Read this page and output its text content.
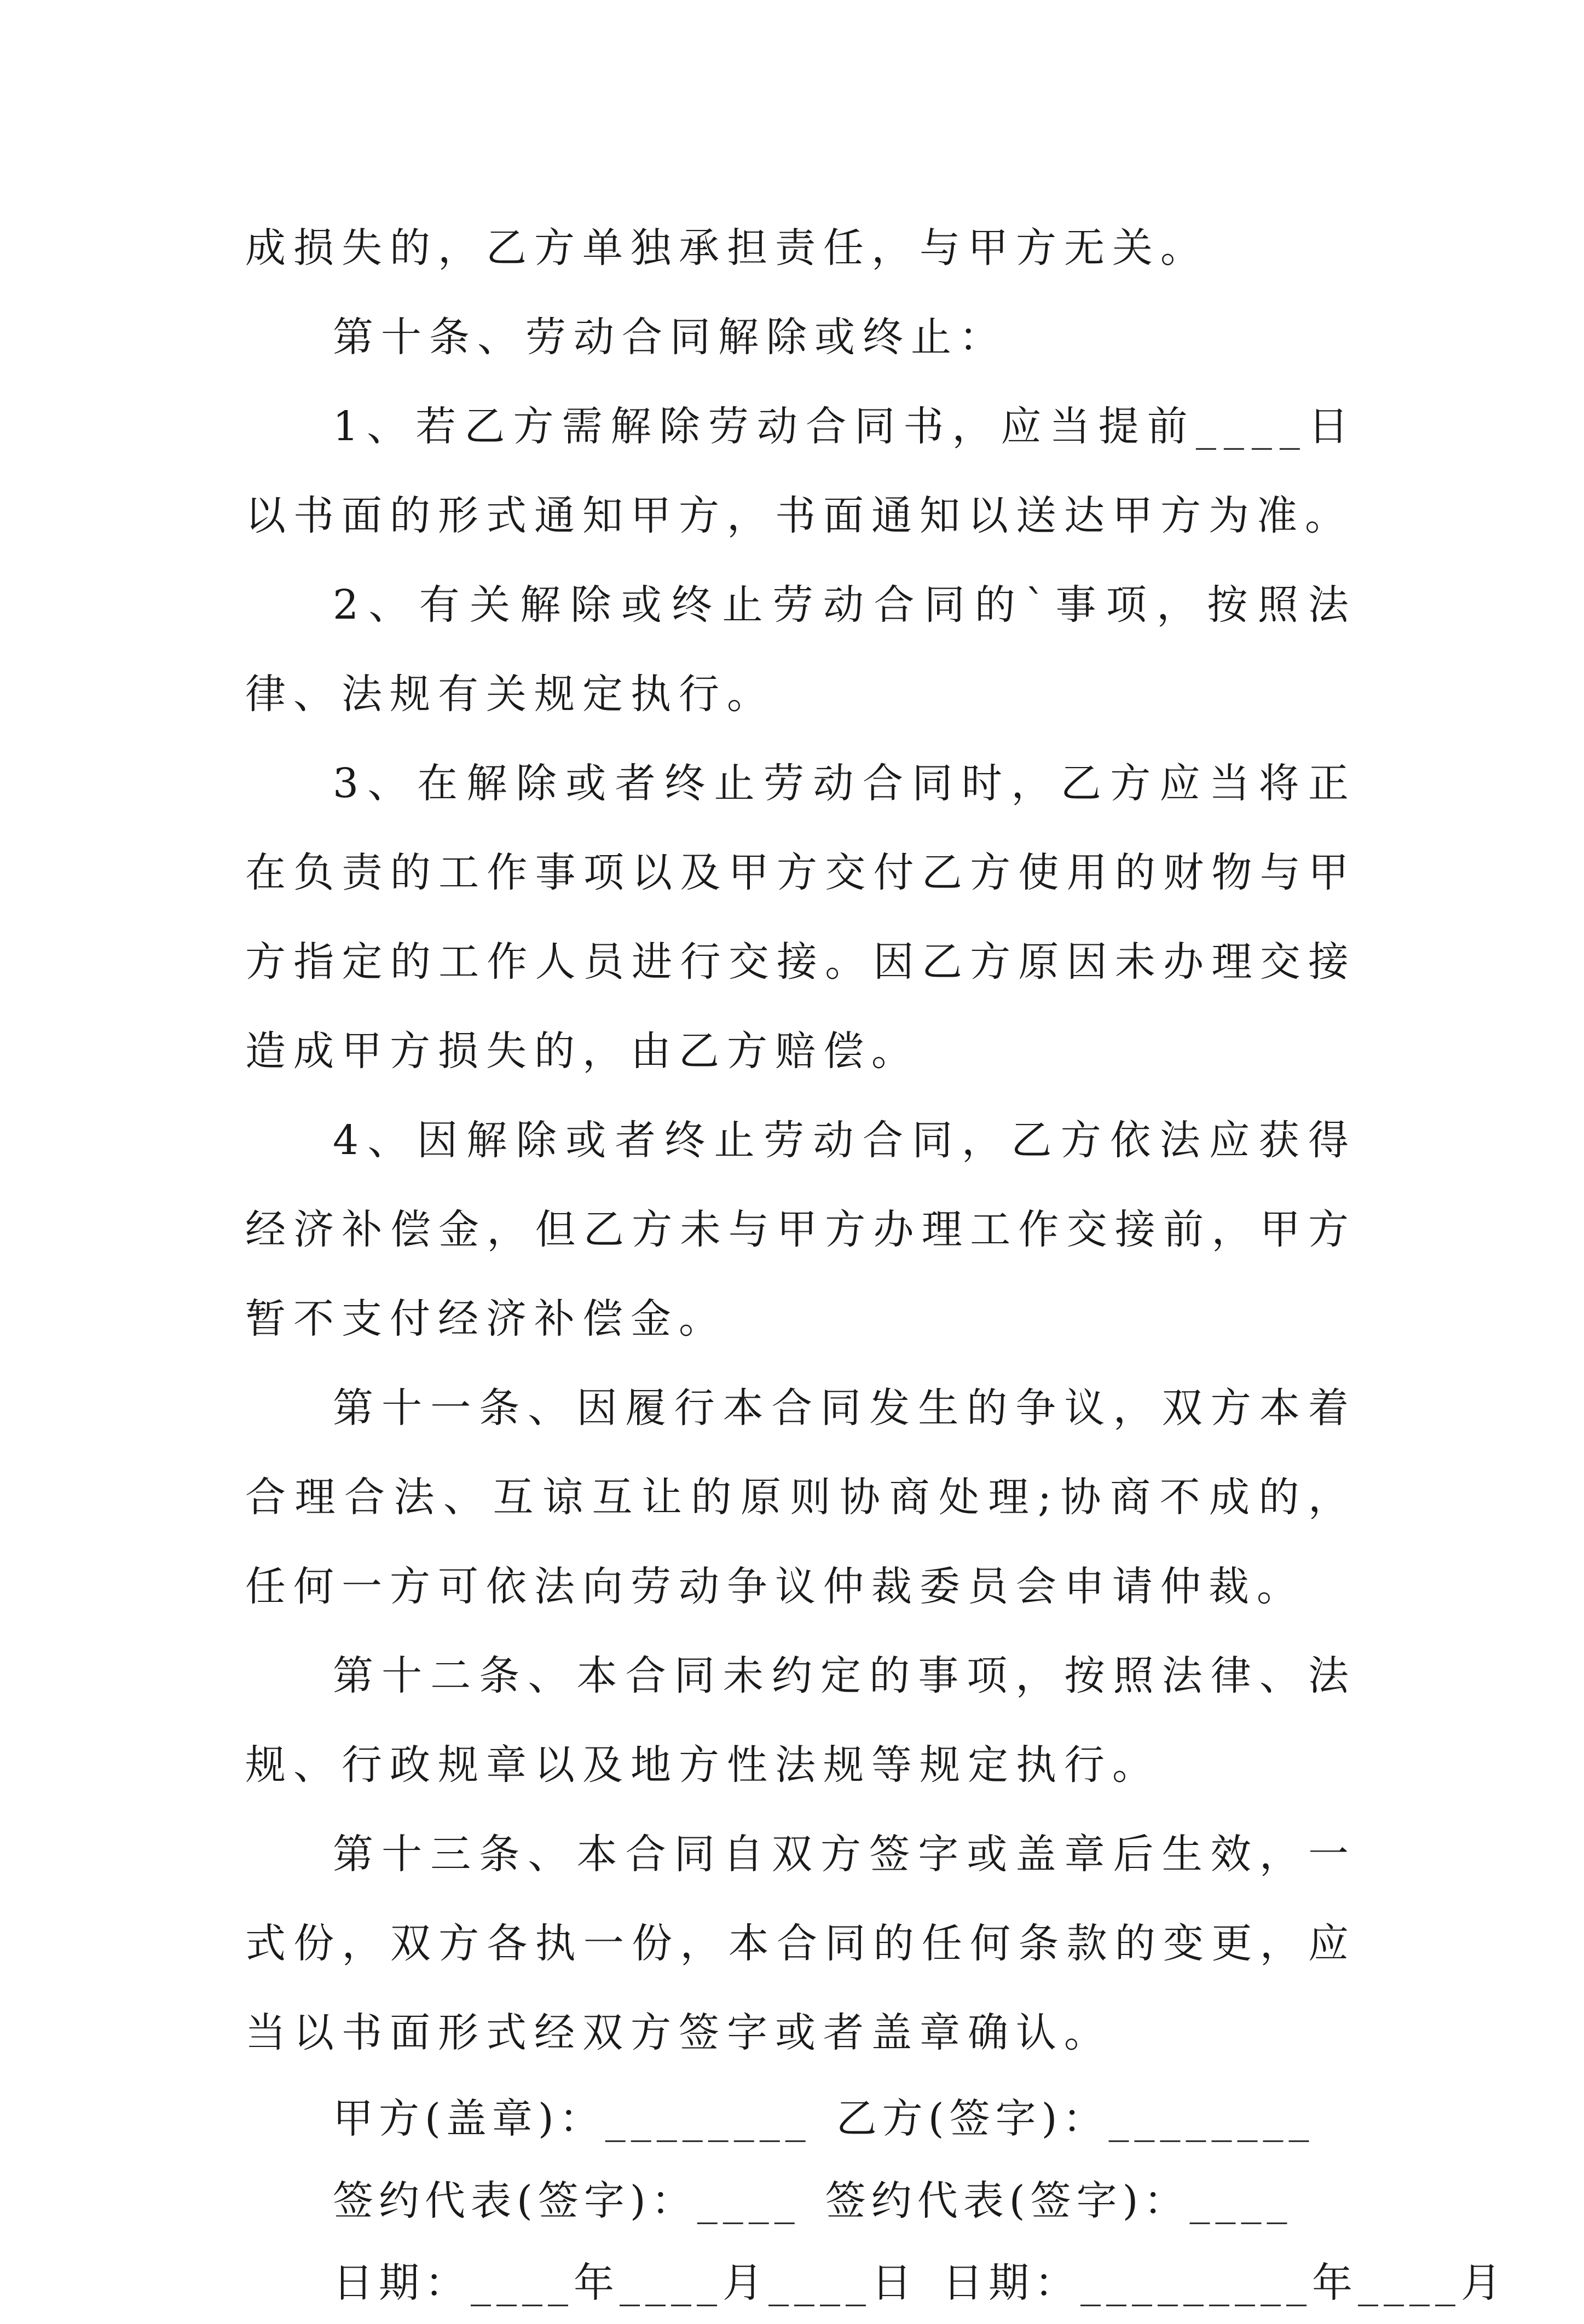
成损失的，乙方单独承担责任，与甲方无关。

第十条、劳动合同解除或终止：

1、若乙方需解除劳动合同书，应当提前____日以书面的形式通知甲方，书面通知以送达甲方为准。

2、有关解除或终止劳动合同的`事项，按照法律、法规有关规定执行。

3、在解除或者终止劳动合同时，乙方应当将正在负责的工作事项以及甲方交付乙方使用的财物与甲方指定的工作人员进行交接。因乙方原因未办理交接造成甲方损失的，由乙方赔偿。

4、因解除或者终止劳动合同，乙方依法应获得经济补偿金，但乙方未与甲方办理工作交接前，甲方暂不支付经济补偿金。

第十一条、因履行本合同发生的争议，双方本着合理合法、互谅互让的原则协商处理;协商不成的，任何一方可依法向劳动争议仲裁委员会申请仲裁。

第十二条、本合同未约定的事项，按照法律、法规、行政规章以及地方性法规等规定执行。

第十三条、本合同自双方签字或盖章后生效，一式份，双方各执一份，本合同的任何条款的变更，应当以书面形式经双方签字或者盖章确认。

甲方(盖章)：________ 乙方(签字)：________

签约代表(签字)：____ 签约代表(签字)：____

日期：____年____月____日 日期：_________年____月
